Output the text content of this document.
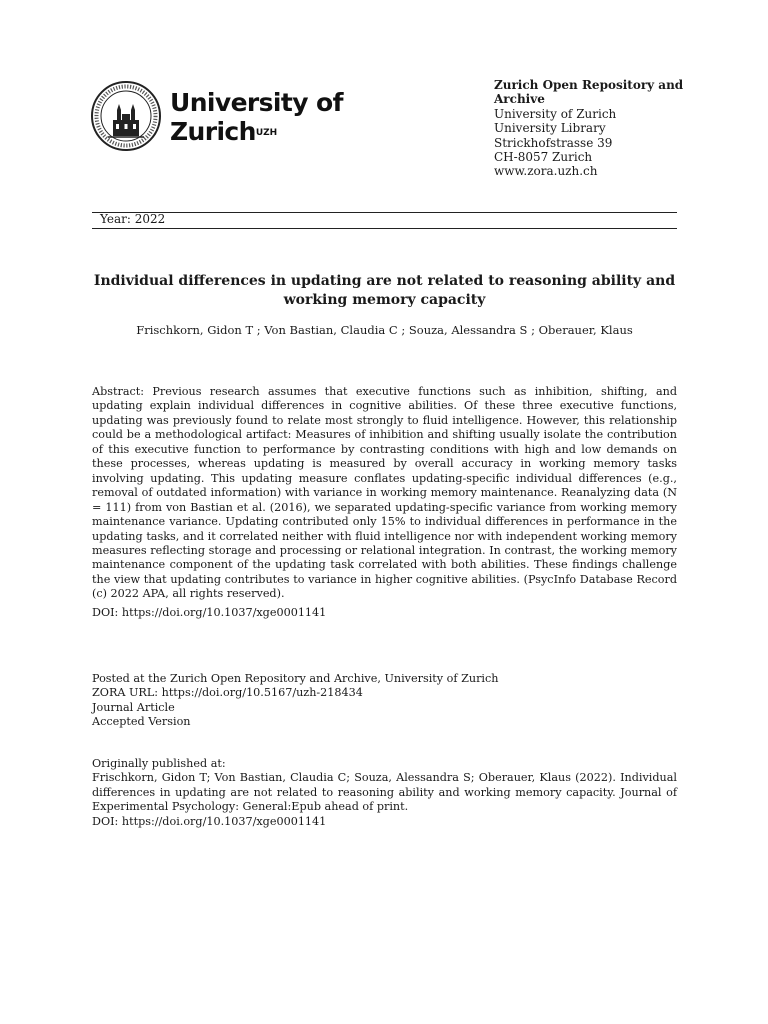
University of
Zurich$^{UZH}$
Zurich Open Repository and Archive
University of Zurich
University Library
Strickhofstrasse 39
CH-8057 Zurich
www.zora.uzh.ch
Year: 2022
Individual differences in updating are not related to reasoning ability and working memory capacity
Frischkorn, Gidon T ; Von Bastian, Claudia C ; Souza, Alessandra S ; Oberauer, Klaus
Abstract: Previous research assumes that executive functions such as inhibition, shifting, and updating explain individual differences in cognitive abilities. Of these three executive functions, updating was previously found to relate most strongly to fluid intelligence. However, this relationship could be a methodological artifact: Measures of inhibition and shifting usually isolate the contribution of this executive function to performance by contrasting conditions with high and low demands on these processes, whereas updating is measured by overall accuracy in working memory tasks involving updating. This updating measure conflates updating-specific individual differences (e.g., removal of outdated information) with variance in working memory maintenance. Reanalyzing data (N = 111) from von Bastian et al. (2016), we separated updating-specific variance from working memory maintenance variance. Updating contributed only 15% to individual differences in performance in the updating tasks, and it correlated neither with fluid intelligence nor with independent working memory measures reflecting storage and processing or relational integration. In contrast, the working memory maintenance component of the updating task correlated with both abilities. These findings challenge the view that updating contributes to variance in higher cognitive abilities. (PsycInfo Database Record (c) 2022 APA, all rights reserved).
DOI: https://doi.org/10.1037/xge0001141
Posted at the Zurich Open Repository and Archive, University of Zurich
ZORA URL: https://doi.org/10.5167/uzh-218434
Journal Article
Accepted Version
Originally published at:
Frischkorn, Gidon T; Von Bastian, Claudia C; Souza, Alessandra S; Oberauer, Klaus (2022). Individual differences in updating are not related to reasoning ability and working memory capacity. Journal of Experimental Psychology: General:Epub ahead of print.
DOI: https://doi.org/10.1037/xge0001141
